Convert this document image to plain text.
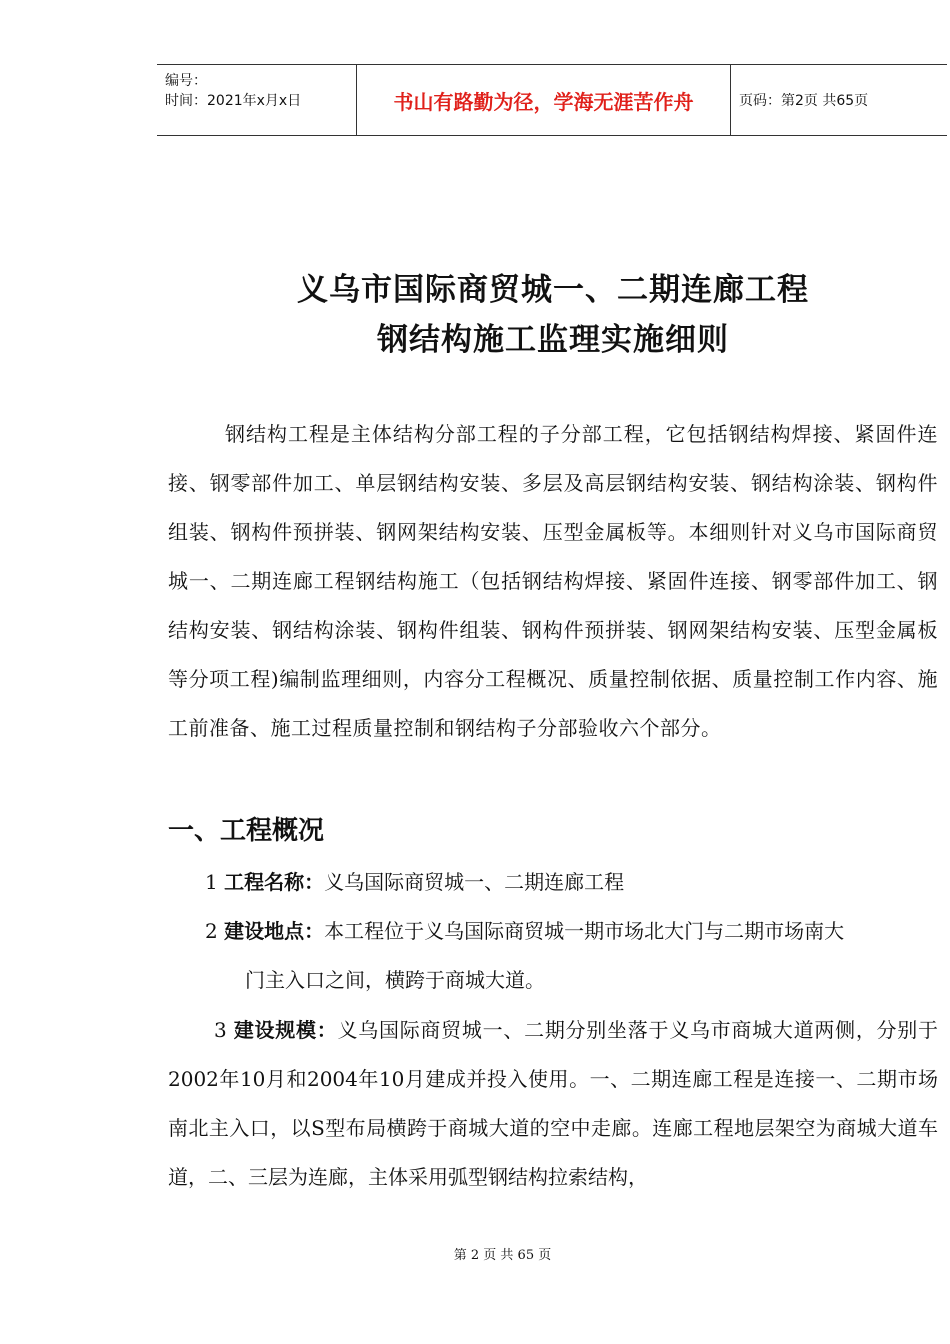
编号：
时间：2021年x月x日	书山有路勤为径，学海无涯苦作舟	页码：第2页 共65页
义乌市国际商贸城一、二期连廊工程
钢结构施工监理实施细则
钢结构工程是主体结构分部工程的子分部工程，它包括钢结构焊接、紧固件连接、钢零部件加工、单层钢结构安装、多层及高层钢结构安装、钢结构涂装、钢构件组装、钢构件预拼装、钢网架结构安装、压型金属板等。本细则针对义乌市国际商贸城一、二期连廊工程钢结构施工（包括钢结构焊接、紧固件连接、钢零部件加工、钢结构安装、钢结构涂装、钢构件组装、钢构件预拼装、钢网架结构安装、压型金属板等分项工程)编制监理细则，内容分工程概况、质量控制依据、质量控制工作内容、施工前准备、施工过程质量控制和钢结构子分部验收六个部分。
一、工程概况
1 工程名称：义乌国际商贸城一、二期连廊工程
2 建设地点：本工程位于义乌国际商贸城一期市场北大门与二期市场南大
门主入口之间，横跨于商城大道。
3 建设规模：义乌国际商贸城一、二期分别坐落于义乌市商城大道两侧，分别于2002年10月和2004年10月建成并投入使用。一、二期连廊工程是连接一、二期市场南北主入口，以S型布局横跨于商城大道的空中走廊。连廊工程地层架空为商城大道车道，二、三层为连廊，主体采用弧型钢结构拉索结构，
第 2 页 共 65 页
